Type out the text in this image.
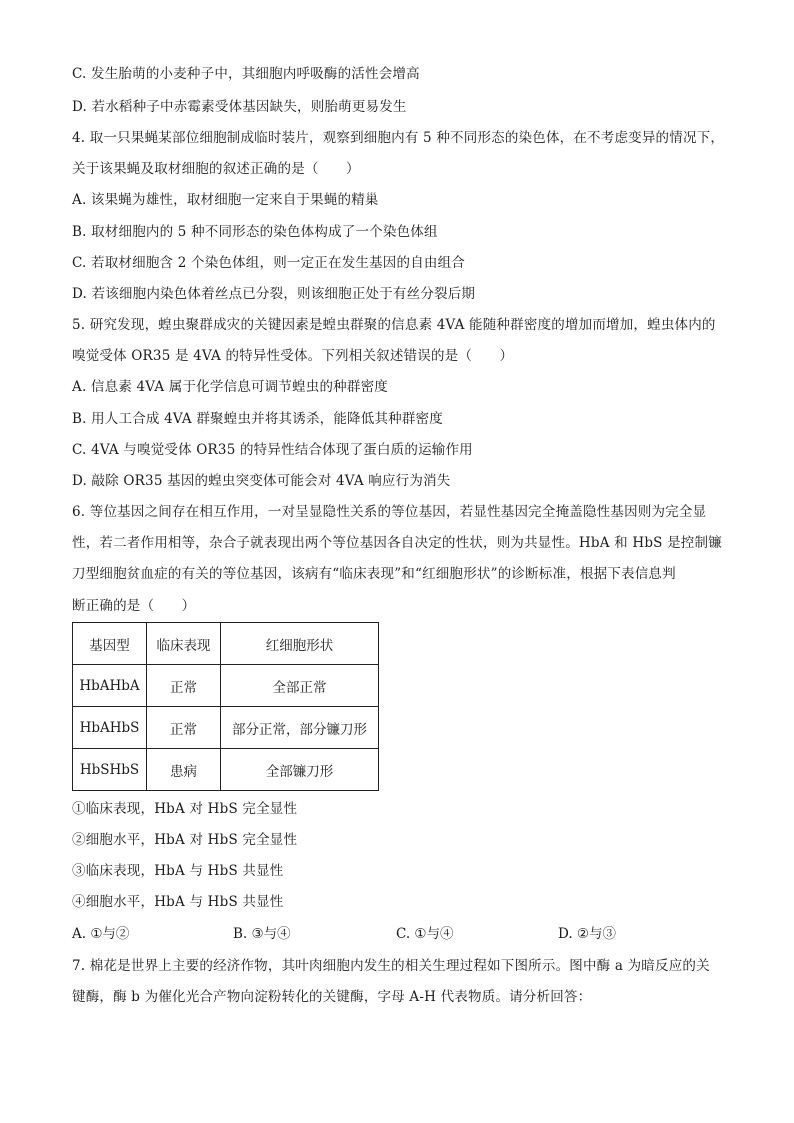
C. 发生胎萌的小麦种子中，其细胞内呼吸酶的活性会增高
D. 若水稻种子中赤霉素受体基因缺失，则胎萌更易发生
4. 取一只果蝇某部位细胞制成临时装片，观察到细胞内有 5 种不同形态的染色体，在不考虑变异的情况下，
关于该果蝇及取材细胞的叙述正确的是（　　）
A. 该果蝇为雄性，取材细胞一定来自于果蝇的精巢
B. 取材细胞内的 5 种不同形态的染色体构成了一个染色体组
C. 若取材细胞含 2 个染色体组，则一定正在发生基因的自由组合
D. 若该细胞内染色体着丝点已分裂，则该细胞正处于有丝分裂后期
5. 研究发现，蝗虫聚群成灾的关键因素是蝗虫群聚的信息素 4VA 能随种群密度的增加而增加，蝗虫体内的
嗅觉受体 OR35 是 4VA 的特异性受体。下列相关叙述错误的是（　　）
A. 信息素 4VA 属于化学信息可调节蝗虫的种群密度
B. 用人工合成 4VA 群聚蝗虫并将其诱杀，能降低其种群密度
C. 4VA 与嗅觉受体 OR35 的特异性结合体现了蛋白质的运输作用
D. 敲除 OR35 基因的蝗虫突变体可能会对 4VA 响应行为消失
6. 等位基因之间存在相互作用，一对呈显隐性关系的等位基因，若显性基因完全掩盖隐性基因则为完全显
性，若二者作用相等，杂合子就表现出两个等位基因各自决定的性状，则为共显性。HbA 和 HbS 是控制镰
刀型细胞贫血症的有关的等位基因，该病有“临床表现”和“红细胞形状”的诊断标准，根据下表信息判
断正确的是（　　）
基因型	临床表现	红细胞形状
HbAHbA	正常	全部正常
HbAHbS	正常	部分正常，部分镰刀形
HbSHbS	患病	全部镰刀形
①临床表现，HbA 对 HbS 完全显性
②细胞水平，HbA 对 HbS 完全显性
③临床表现，HbA 与 HbS 共显性
④细胞水平，HbA 与 HbS 共显性
A. ①与②	B. ③与④	C. ①与④	D. ②与③
7. 棉花是世界上主要的经济作物，其叶肉细胞内发生的相关生理过程如下图所示。图中酶 a 为暗反应的关
键酶，酶 b 为催化光合产物向淀粉转化的关键酶，字母 A-H 代表物质。请分析回答：
